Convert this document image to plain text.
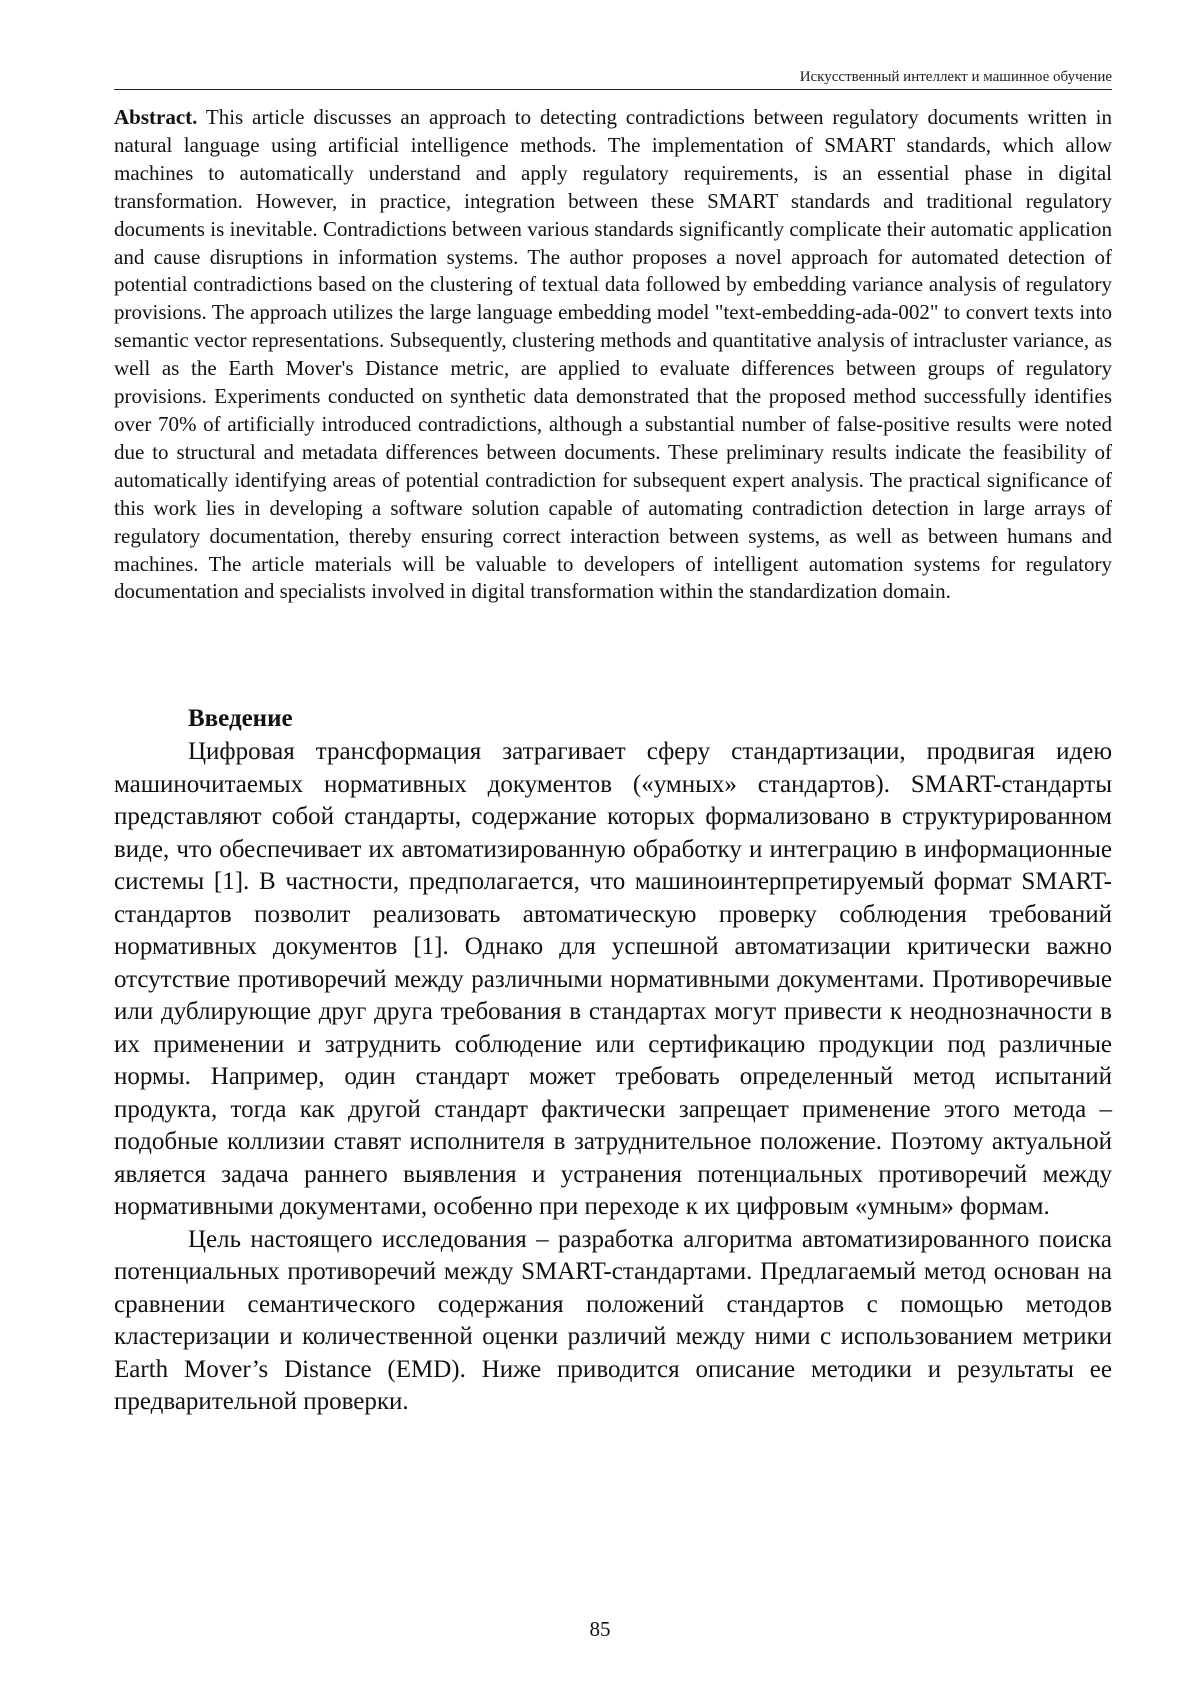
Искусственный интеллект и машинное обучение

Abstract. This article discusses an approach to detecting contradictions between regulatory documents written in natural language using artificial intelligence methods. The implementation of SMART standards, which allow machines to automatically understand and apply regulatory requirements, is an essential phase in digital transformation. However, in practice, integration between these SMART standards and traditional regulatory documents is inevitable. Contradictions between various standards significantly complicate their automatic application and cause disruptions in information systems. The author proposes a novel approach for automated detection of potential contradictions based on the clustering of textual data followed by embedding variance analysis of regulatory provisions. The approach utilizes the large language embedding model "text-embedding-ada-002" to convert texts into semantic vector representations. Subsequently, clustering methods and quantitative analysis of intracluster variance, as well as the Earth Mover's Distance metric, are applied to evaluate differences between groups of regulatory provisions. Experiments conducted on synthetic data demonstrated that the proposed method successfully identifies over 70% of artificially introduced contradictions, although a substantial number of false-positive results were noted due to structural and metadata differences between documents. These preliminary results indicate the feasibility of automatically identifying areas of potential contradiction for subsequent expert analysis. The practical significance of this work lies in developing a software solution capable of automating contradiction detection in large arrays of regulatory documentation, thereby ensuring correct interaction between systems, as well as between humans and machines. The article materials will be valuable to developers of intelligent automation systems for regulatory documentation and specialists involved in digital transformation within the standardization domain.

Введение

Цифровая трансформация затрагивает сферу стандартизации, продвигая идею машиночитаемых нормативных документов («умных» стандартов). SMART-стандарты представляют собой стандарты, содержание которых формализовано в структурированном виде, что обеспечивает их автоматизированную обработку и интеграцию в информационные системы [1]. В частности, предполагается, что машиноинтерпретируемый формат SMART-стандартов позволит реализовать автоматическую проверку соблюдения требований нормативных документов [1]. Однако для успешной автоматизации критически важно отсутствие противоречий между различными нормативными документами. Противоречивые или дублирующие друг друга требования в стандартах могут привести к неоднозначности в их применении и затруднить соблюдение или сертификацию продукции под различные нормы. Например, один стандарт может требовать определенный метод испытаний продукта, тогда как другой стандарт фактически запрещает применение этого метода – подобные коллизии ставят исполнителя в затруднительное положение. Поэтому актуальной является задача раннего выявления и устранения потенциальных противоречий между нормативными документами, особенно при переходе к их цифровым «умным» формам.

Цель настоящего исследования – разработка алгоритма автоматизированного поиска потенциальных противоречий между SMART-стандартами. Предлагаемый метод основан на сравнении семантического содержания положений стандартов с помощью методов кластеризации и количественной оценки различий между ними с использованием метрики Earth Mover’s Distance (EMD). Ниже приводится описание методики и результаты ее предварительной проверки.

85
